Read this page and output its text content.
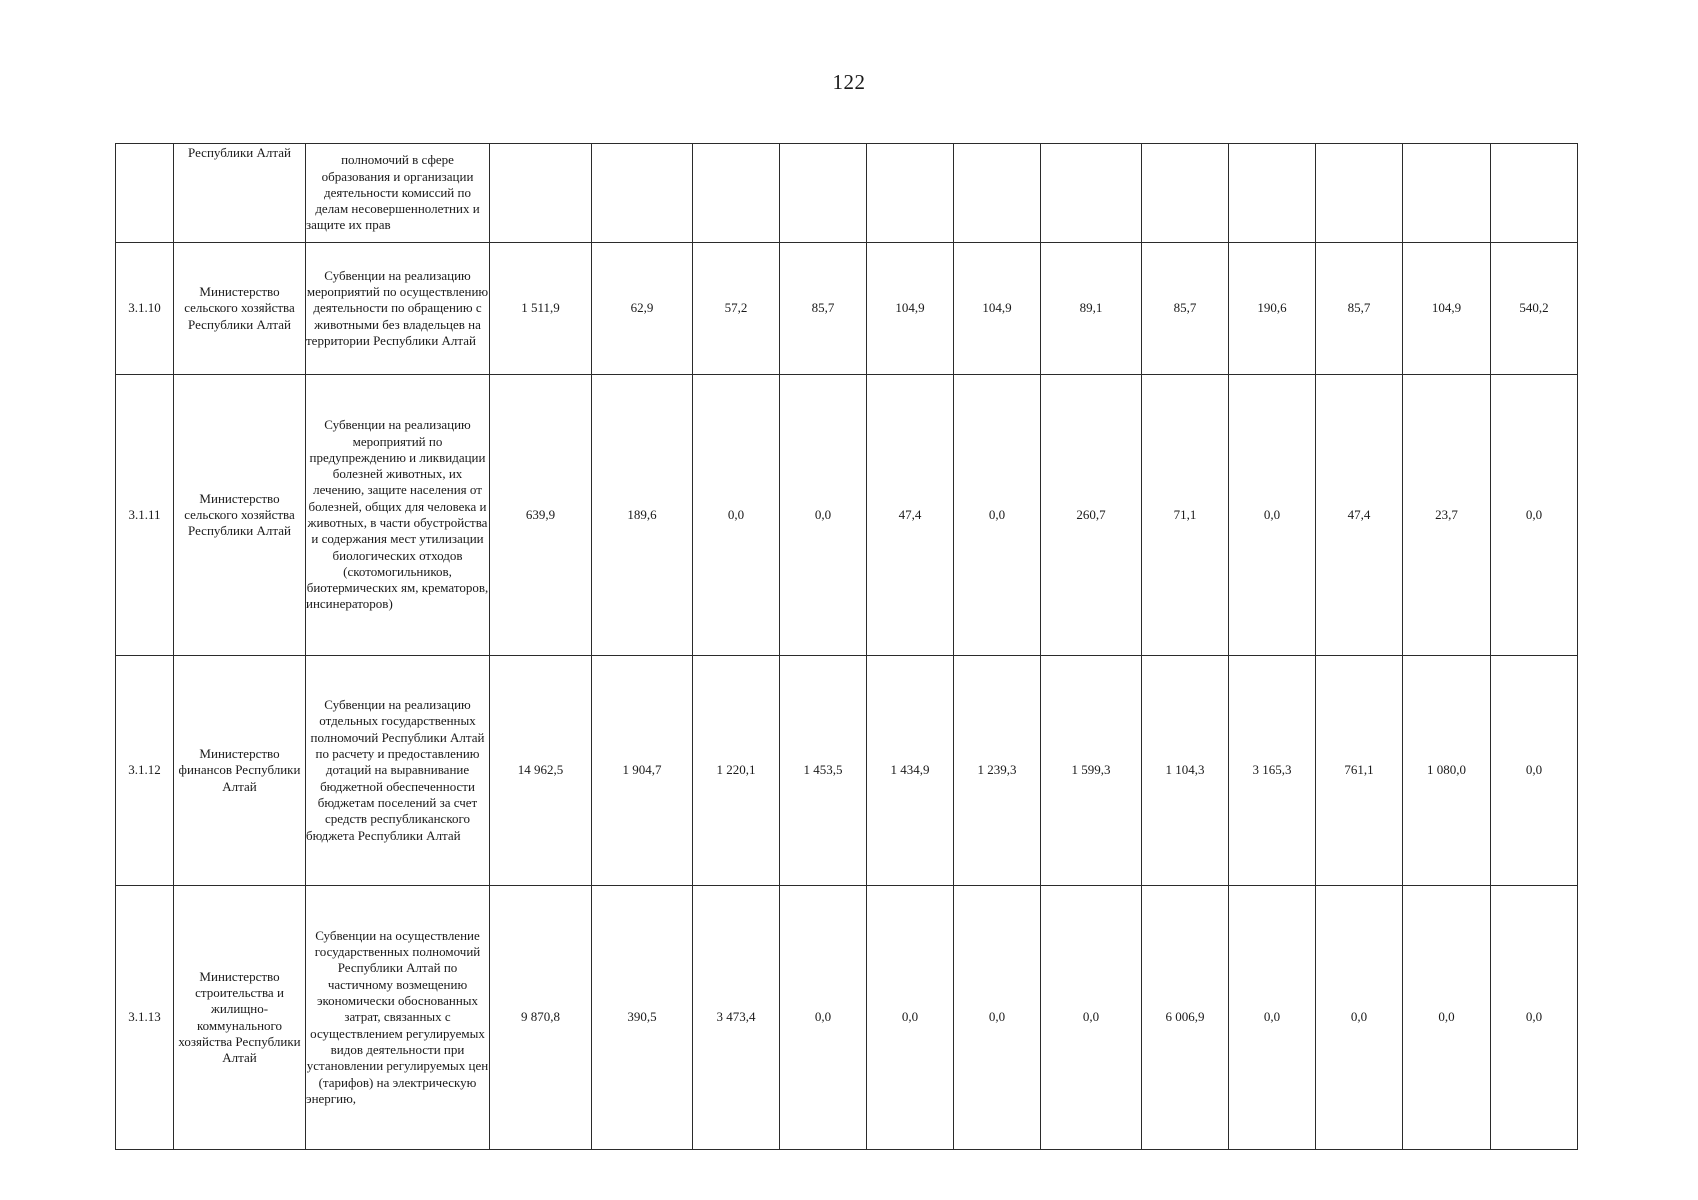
122
	Республики Алтай	полномочий в сфере образования и организации деятельности комиссий по делам несовершеннолетних и защите их прав												
3.1.10	Министерство сельского хозяйства Республики Алтай	Субвенции на реализацию мероприятий по осуществлению деятельности по обращению с животными без владельцев на территории Республики Алтай	1 511,9	62,9	57,2	85,7	104,9	104,9	89,1	85,7	190,6	85,7	104,9	540,2
3.1.11	Министерство сельского хозяйства Республики Алтай	Субвенции на реализацию мероприятий по предупреждению и ликвидации болезней животных, их лечению, защите населения от болезней, общих для человека и животных, в части обустройства и содержания мест утилизации биологических отходов (скотомогильников, биотермических ям, крематоров, инсинераторов)	639,9	189,6	0,0	0,0	47,4	0,0	260,7	71,1	0,0	47,4	23,7	0,0
3.1.12	Министерство финансов Республики Алтай	Субвенции на реализацию отдельных государственных полномочий Республики Алтай по расчету и предоставлению дотаций на выравнивание бюджетной обеспеченности бюджетам поселений за счет средств республиканского бюджета Республики Алтай	14 962,5	1 904,7	1 220,1	1 453,5	1 434,9	1 239,3	1 599,3	1 104,3	3 165,3	761,1	1 080,0	0,0
3.1.13	Министерство строительства и жилищно-коммунального хозяйства Республики Алтай	Субвенции на осуществление государственных полномочий Республики Алтай по частичному возмещению экономически обоснованных затрат, связанных с осуществлением регулируемых видов деятельности при установлении регулируемых цен (тарифов) на электрическую энергию,	9 870,8	390,5	3 473,4	0,0	0,0	0,0	0,0	6 006,9	0,0	0,0	0,0	0,0
